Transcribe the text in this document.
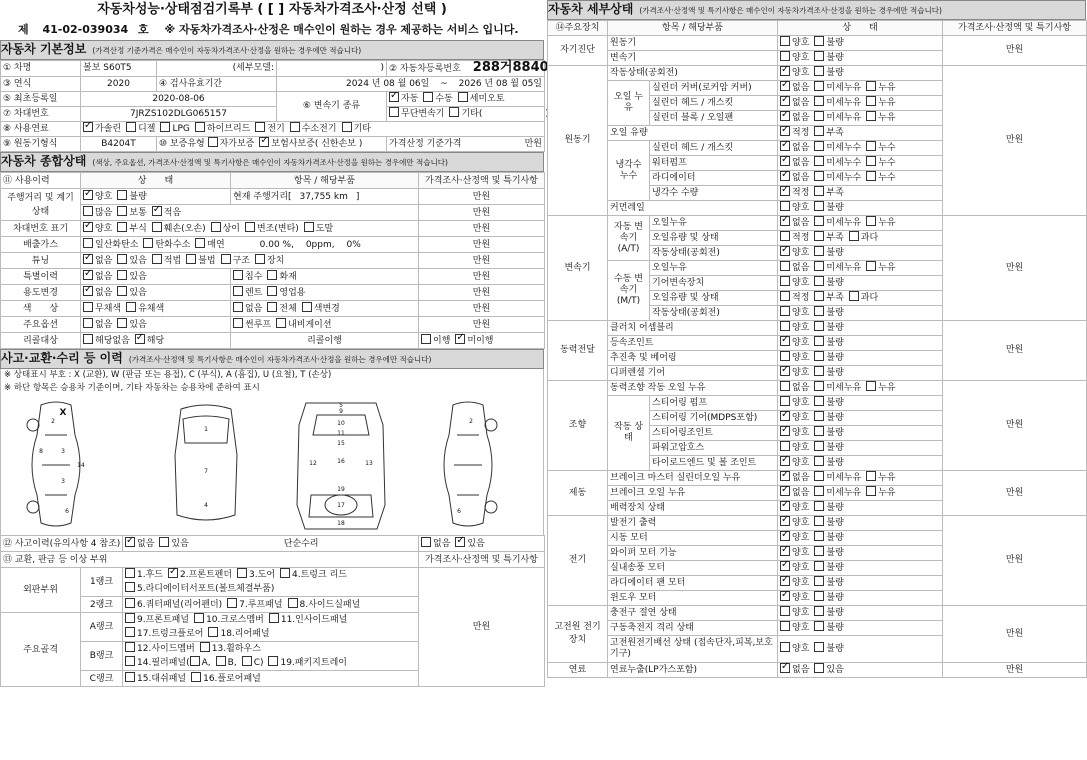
자동차성능·상태점검기록부 ( [ ] 자동차가격조사·산정 선택 )
제 41-02-039034 호 ※ 자동차가격조사·산정은 매수인이 원하는 경우 제공하는 서비스 입니다.
자동차 기본정보 (가격산정 기준가격은 매수인이 자동차가격조사·산정을 원하는 경우에만 적습니다)
① 차명	볼보 S60T5	(세부모델:	)	② 자동차등록번호 288거8840
③ 연식	2020	④ 검사유효기간	2024 년 08 월 06일 ~ 2026 년 08 월 05일	
⑤ 최초등록일	2020-08-06		⑥ 변속기 종류	✓자동 수동 세미오토
⑦ 차대번호	7JRZS102DLG065157			무단변속기 기타( )
⑧ 사용연료	✓가솔린 디젤 LPG 하이브리드 전기 수소전기 기타
⑨ 원동기형식	B4204T	⑩ 보증유형 자가보증 ✓ 보험사보증( 신한손보 )		가격산정 기준가격 만원
자동차 종합상태 (색상, 주요옵션, 가격조사·산정액 및 특기사항은 매수인이 자동차가격조사·산정을 원하는 경우에만 적습니다)
⑪ 사용이력	상　　태	항목 / 해당부품	가격조사·산정액 및 특기사항
주행거리 및 계기상태	✓양호 불량	현재 주행거리[ 37,755 km ]	만원
	많음 보통 ✓ 적음		만원
차대번호 표기	✓양호 부식 훼손(오손) 상이 변조(변타) 도말		만원
배출가스	일산화탄소 탄화수소 매연 0.00 %,　 0ppm,　 0%		만원
튜닝	✓없음 있음 적법 불법 구조 장치		만원
특별이력	✓없음 있음	침수 화재	만원
용도변경	✓없음 있음	렌트 영업용	만원
색　　상	무채색 유채색	없음 전체 색변경	만원
주요옵션	없음 있음	썬루프 내비게이션	만원
리콜대상	해당없음 ✓ 해당	리콜이행	이행 ✓ 미이행
사고·교환·수리 등 이력 (가격조사·산정액 및 특기사항은 매수인이 자동차가격조사·산정을 원하는 경우에만 적습니다)
※ 상태표시 부호 : X (교환), W (판금 또는 용접), C (부식), A (흠집), U (요철), T (손상)
※ 하단 항목은 승용차 기준이며, 기타 자동차는 승용차에 준하여 표시
X
1
2
3
3
4
5
6
7
8
9
10
11
12	13
14
15
16
17
18
19
2
6
⑫ 사고이력(유의사항 4 참조)	✓없음 있음 단순수리	없음 ✓ 있음
⑬ 교환, 판금 등 이상 부위			가격조사·산정액 및 특기사항
외판부위	1랭크	1.후드 ✓ 2.프론트펜더 3.도어 4.트렁크 리드
5.라디에이터서포트(볼트체결부품)	만원
	2랭크	6.쿼터패널(리어펜더) 7.루프패널 8.사이드실패널	
주요골격	A랭크	9.프론트패널 10.크로스멤버 11.인사이드패널
17.트렁크플로어 18.리어패널	

	B랭크	12.사이드멤버 13.휠하우스
14.필러패널( A, B, C) 19.패키지트레이	

	C랭크	15.대쉬패널 16.플로어패널	
자동차 세부상태 (가격조사·산정액 및 특기사항은 매수인이 자동차가격조사·산정을 원하는 경우에만 적습니다)
⑭주요장치	항목 / 해당부품		상　　태	가격조사·산정액 및 특기사항
자기진단	원동기		양호 불량	만원
	변속기		양호 불량	
원동기	작동상태(공회전)	✓양호 불량	만원
	오일 누유	실린더 커버(로커암 커버)	✓없음 미세누유 누유
		실린더 헤드 / 개스킷	✓없음 미세누유 누유
		실린더 블록 / 오일팬	✓없음 미세누유 누유
	오일 유량	✓적정 부족
	냉각수 누수	실린더 헤드 / 개스킷	✓없음 미세누수 누수
		워터펌프	✓없음 미세누수 누수
		라디에이터	✓없음 미세누수 누수
		냉각수 수량	✓적정 부족
	커먼레일		양호 불량	
변속기	자동 변속기 (A/T)	오일누유	✓없음 미세누유 누유	만원
		오일유량 및 상태	적정 부족 과다	
		작동상태(공회전)	✓양호 불량
	수동 변속기 (M/T)	오일누유	없음 미세누유 누유	
		기어변속장치	양호 불량	
		오일유량 및 상태	적정 부족 과다	
		작동상태(공회전)	양호 불량	
동력전달	클러치 어셈블리		양호 불량	만원
	등속조인트	✓양호 불량
	추진축 및 베어링		양호 불량	
	디퍼렌셜 기어	✓양호 불량
조향	동력조향 작동 오일 누유		없음 미세누유 누유	만원
	작동 상태	스티어링 펌프	양호 불량	
		스티어링 기어(MDPS포함)	✓양호 불량
		스티어링조인트	✓양호 불량
		파워고압호스	양호 불량	
		타이로드엔드 및 볼 조인트	✓양호 불량
제동	브레이크 마스터 실린더오일 누유	✓없음 미세누유 누유	만원
	브레이크 오일 누유	✓없음 미세누유 누유
	배력장치 상태	✓양호 불량
전기	발전기 출력	✓양호 불량	만원
	시동 모터	✓양호 불량
	와이퍼 모터 기능	✓양호 불량
	실내송풍 모터	✓양호 불량
	라디에이터 팬 모터	✓양호 불량
	윈도우 모터	✓양호 불량
고전원 전기장치	충전구 절연 상태		양호 불량	만원
	구동축전지 격리 상태		양호 불량	
	고전원전기배선 상태 (접속단자,피복,보호기구)		양호 불량	
연료	연료누출(LP가스포함)	✓없음 있음	만원
